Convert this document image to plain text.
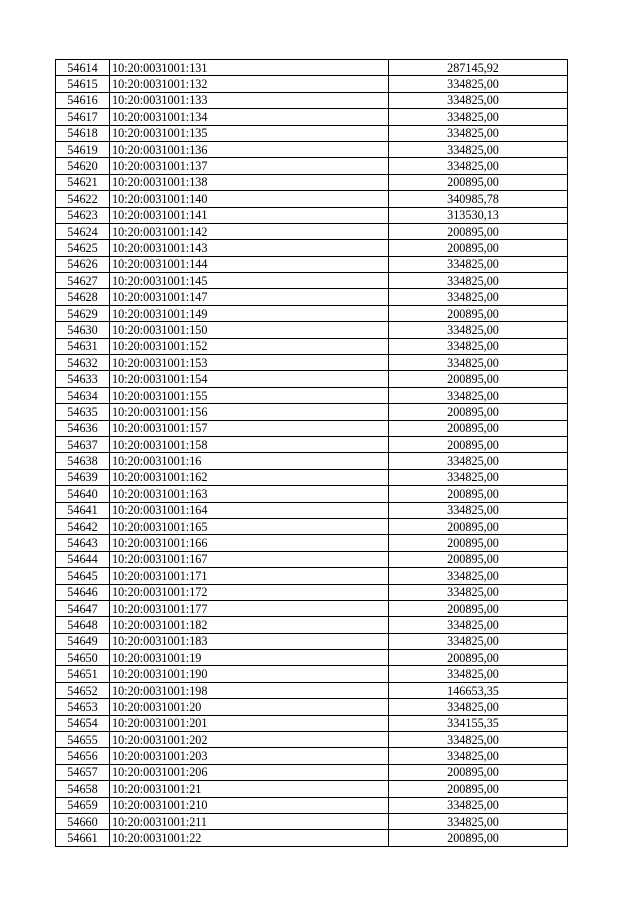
54614	10:20:0031001:131	287145,92
54615	10:20:0031001:132	334825,00
54616	10:20:0031001:133	334825,00
54617	10:20:0031001:134	334825,00
54618	10:20:0031001:135	334825,00
54619	10:20:0031001:136	334825,00
54620	10:20:0031001:137	334825,00
54621	10:20:0031001:138	200895,00
54622	10:20:0031001:140	340985,78
54623	10:20:0031001:141	313530,13
54624	10:20:0031001:142	200895,00
54625	10:20:0031001:143	200895,00
54626	10:20:0031001:144	334825,00
54627	10:20:0031001:145	334825,00
54628	10:20:0031001:147	334825,00
54629	10:20:0031001:149	200895,00
54630	10:20:0031001:150	334825,00
54631	10:20:0031001:152	334825,00
54632	10:20:0031001:153	334825,00
54633	10:20:0031001:154	200895,00
54634	10:20:0031001:155	334825,00
54635	10:20:0031001:156	200895,00
54636	10:20:0031001:157	200895,00
54637	10:20:0031001:158	200895,00
54638	10:20:0031001:16	334825,00
54639	10:20:0031001:162	334825,00
54640	10:20:0031001:163	200895,00
54641	10:20:0031001:164	334825,00
54642	10:20:0031001:165	200895,00
54643	10:20:0031001:166	200895,00
54644	10:20:0031001:167	200895,00
54645	10:20:0031001:171	334825,00
54646	10:20:0031001:172	334825,00
54647	10:20:0031001:177	200895,00
54648	10:20:0031001:182	334825,00
54649	10:20:0031001:183	334825,00
54650	10:20:0031001:19	200895,00
54651	10:20:0031001:190	334825,00
54652	10:20:0031001:198	146653,35
54653	10:20:0031001:20	334825,00
54654	10:20:0031001:201	334155,35
54655	10:20:0031001:202	334825,00
54656	10:20:0031001:203	334825,00
54657	10:20:0031001:206	200895,00
54658	10:20:0031001:21	200895,00
54659	10:20:0031001:210	334825,00
54660	10:20:0031001:211	334825,00
54661	10:20:0031001:22	200895,00
